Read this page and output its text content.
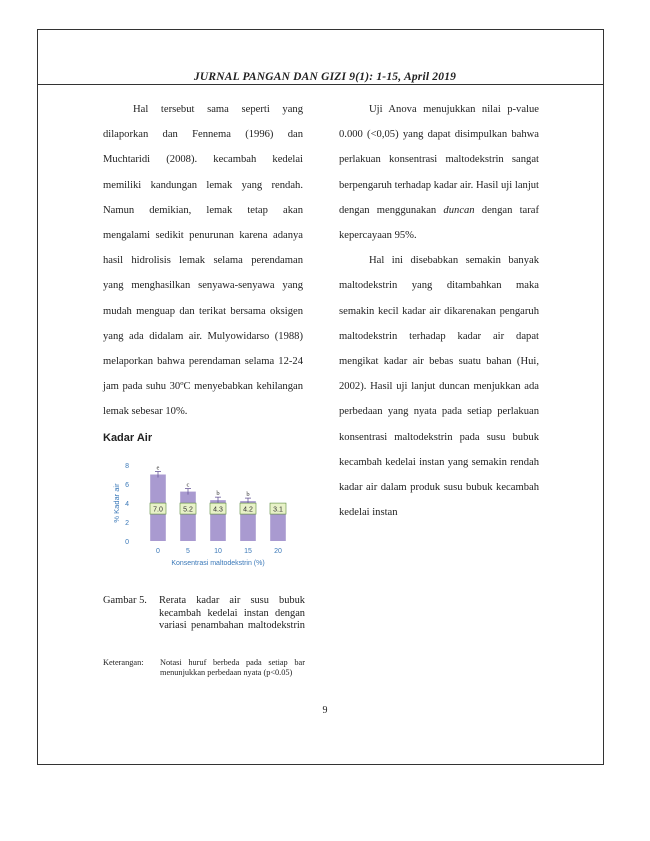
JURNAL PANGAN DAN GIZI 9(1): 1-15, April 2019

Hal tersebut sama seperti yang dilaporkan dan Fennema (1996) dan Muchtaridi (2008). kecambah kedelai memiliki kandungan lemak yang rendah. Namun demikian, lemak tetap akan mengalami sedikit penurunan karena adanya hasil hidrolisis lemak selama perendaman yang menghasilkan senyawa-senyawa yang mudah menguap dan terikat bersama oksigen yang ada didalam air. Mulyowidarso (1988) melaporkan bahwa perendaman selama 12-24 jam pada suhu 30ºC menyebabkan kehilangan lemak sebesar 10%.

Kadar Air
0
2
4
6
8
% Kadar air
e
7.0
0
c
5.2
5
b
4.3
10
b
4.2
15
3.1
20
Konsentrasi maltodekstrin (%)
Gambar 5.	Rerata kadar air susu bubuk kecambah kedelai instan dengan variasi penambahan maltodekstrin
Keterangan: Notasi huruf berbeda pada setiap bar menunjukkan perbedaan nyata (p<0.05)

Uji Anova menujukkan nilai p-value 0.000 (<0,05) yang dapat disimpulkan bahwa perlakuan konsentrasi maltodekstrin sangat berpengaruh terhadap kadar air. Hasil uji lanjut dengan menggunakan duncan dengan taraf kepercayaan 95%.

Hal ini disebabkan semakin banyak maltodekstrin yang ditambahkan maka semakin kecil kadar air dikarenakan pengaruh maltodekstrin terhadap kadar air dapat mengikat kadar air bebas suatu bahan (Hui, 2002). Hasil uji lanjut duncan menjukkan ada perbedaan yang nyata pada setiap perlakuan konsentrasi maltodekstrin pada susu bubuk kecambah kedelai instan yang semakin rendah kadar air dalam produk susu bubuk kecambah kedelai instan

9
